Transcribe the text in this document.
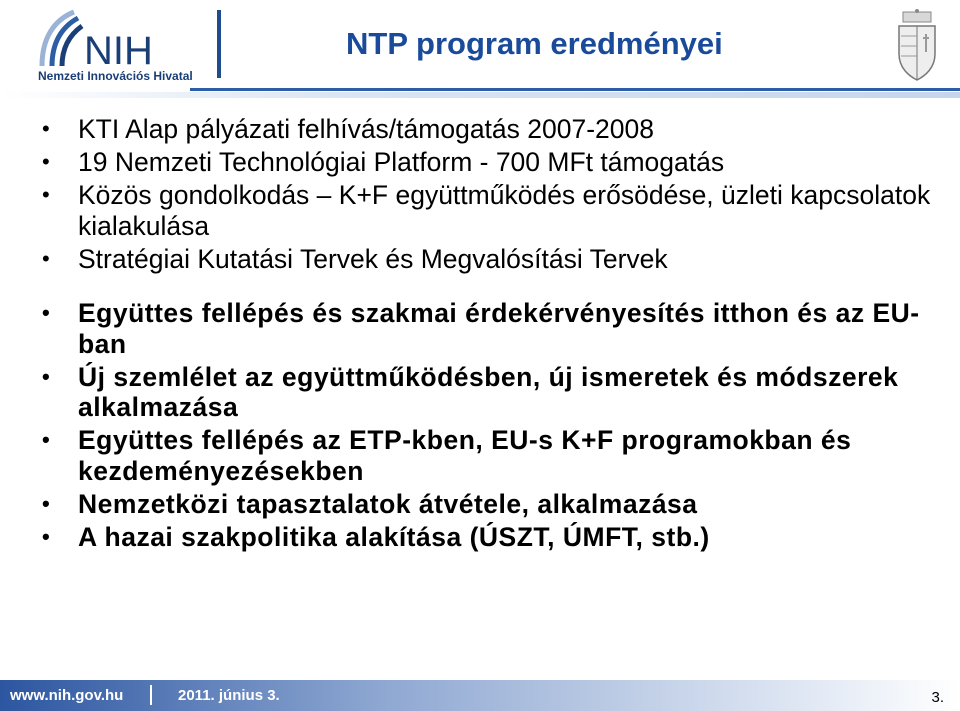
NIH
Nemzeti Innovációs Hivatal
NTP program eredményei
• KTI Alap pályázati felhívás/támogatás 2007-2008
• 19 Nemzeti Technológiai Platform - 700 MFt támogatás
• Közös gondolkodás – K+F együttműködés erősödése, üzleti kapcsolatok kialakulása
• Stratégiai Kutatási Tervek és Megvalósítási Tervek
• Együttes fellépés és szakmai érdekérvényesítés itthon és az EU-ban
• Új szemlélet az együttműködésben, új ismeretek és módszerek alkalmazása
• Együttes fellépés az ETP-kben, EU-s K+F programokban és kezdeményezésekben
• Nemzetközi tapasztalatok átvétele, alkalmazása
• A hazai szakpolitika alakítása (ÚSZT, ÚMFT, stb.)
www.nih.gov.hu	2011. június 3.	3.
